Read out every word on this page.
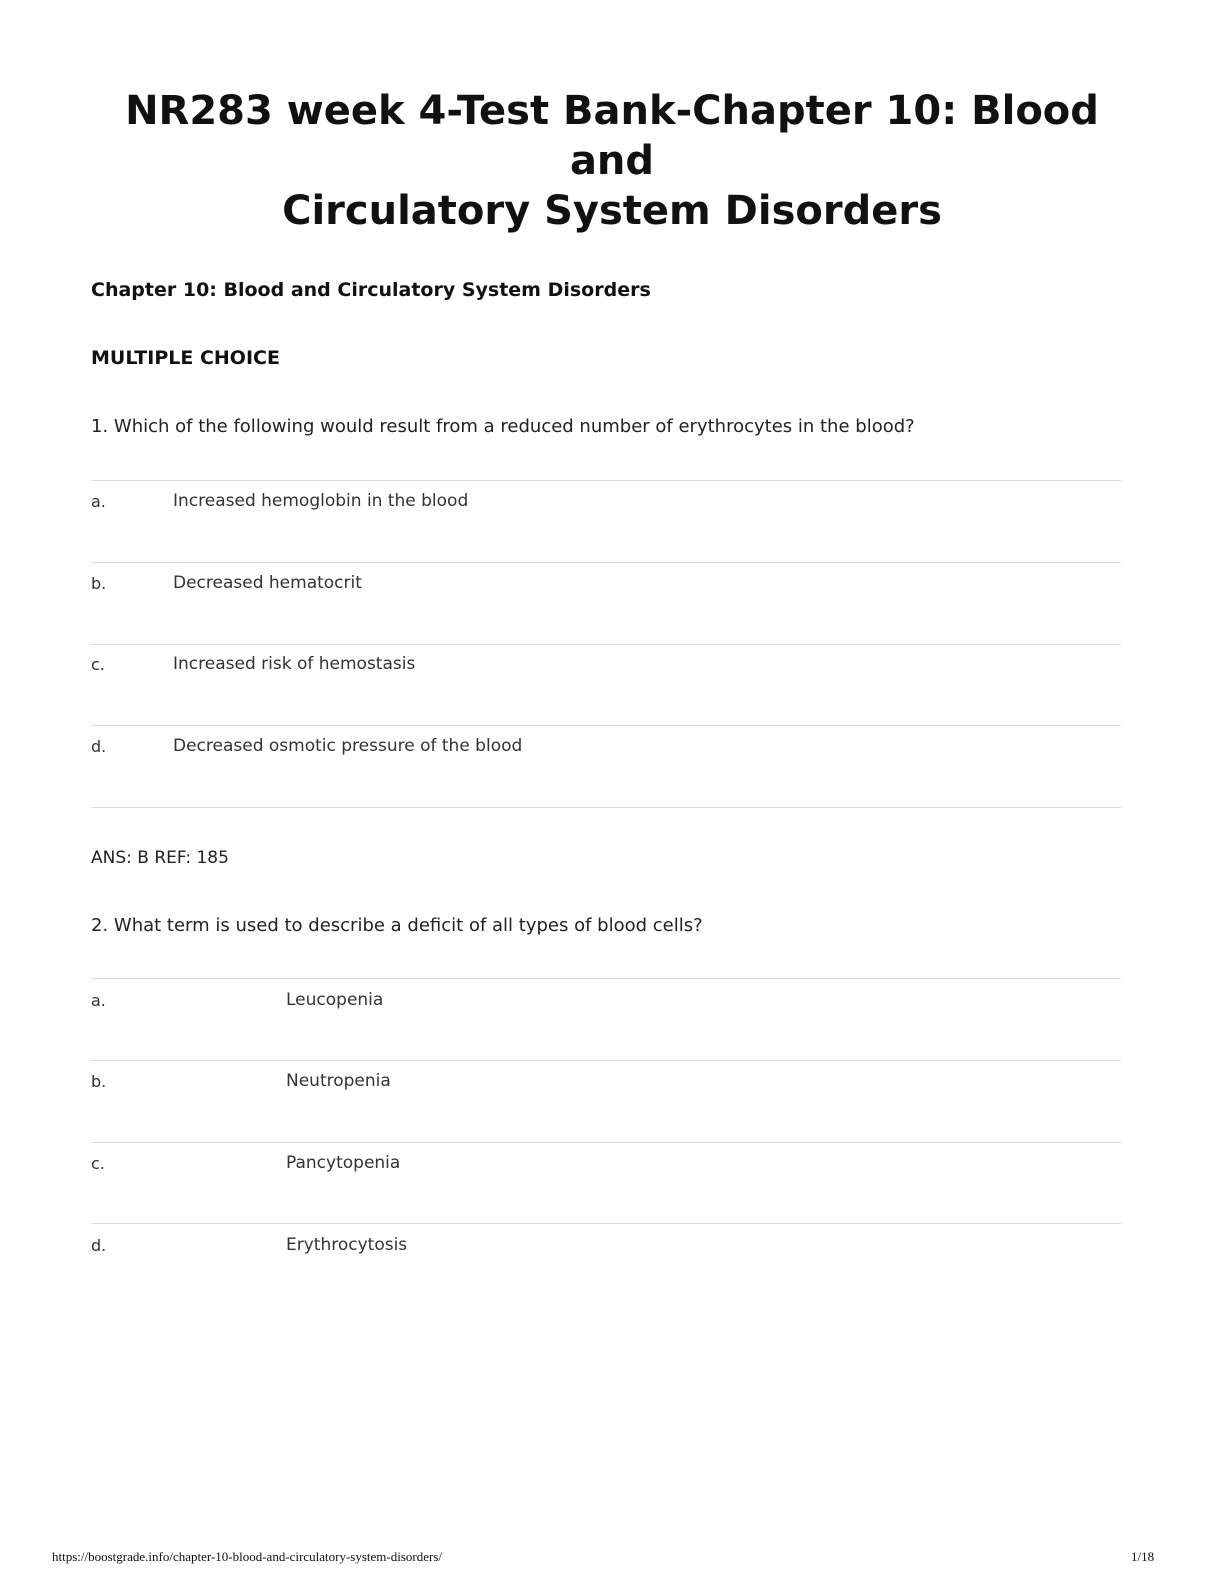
NR283 week 4-Test Bank-Chapter 10: Blood and
Circulatory System Disorders
Chapter 10: Blood and Circulatory System Disorders
MULTIPLE CHOICE
1. Which of the following would result from a reduced number of erythrocytes in the blood?
a.	Increased hemoglobin in the blood
b.	Decreased hematocrit
c.	Increased risk of hemostasis
d.	Decreased osmotic pressure of the blood
ANS: B REF: 185
2. What term is used to describe a deficit of all types of blood cells?
a.	Leucopenia
b.	Neutropenia
c.	Pancytopenia
d.	Erythrocytosis
https://boostgrade.info/chapter-10-blood-and-circulatory-system-disorders/	1/18
